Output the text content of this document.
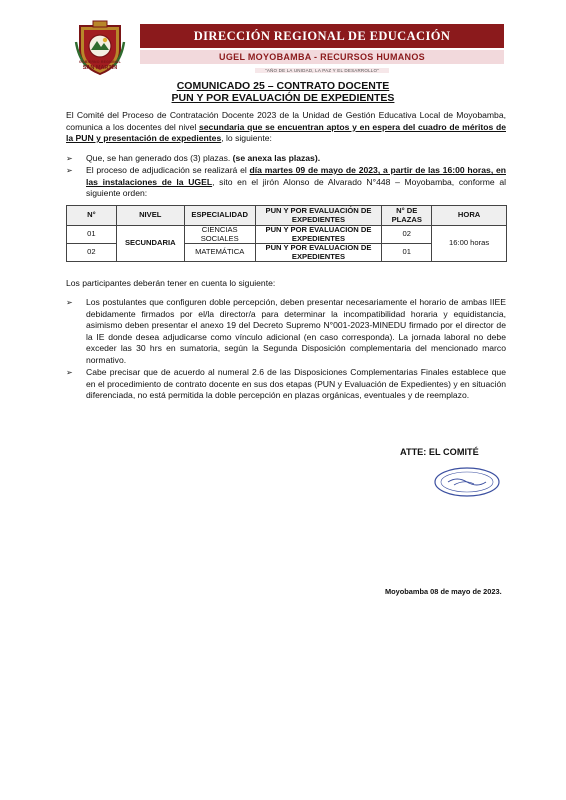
GOBIERNO REGIONAL
SAN MARTÍN
DIRECCIÓN REGIONAL DE EDUCACIÓN
UGEL MOYOBAMBA - RECURSOS HUMANOS
"AÑO DE LA UNIDAD, LA PAZ Y EL DESARROLLO"
COMUNICADO 25 – CONTRATO DOCENTE
PUN Y POR EVALUACIÓN DE EXPEDIENTES
El Comité del Proceso de Contratación Docente 2023 de la Unidad de Gestión Educativa Local de Moyobamba, comunica a los docentes del nivel secundaria que se encuentran aptos y en espera del cuadro de méritos de la PUN y presentación de expedientes, lo siguiente:
➢	Que, se han generado dos (3) plazas. (se anexa las plazas).
➢	El proceso de adjudicación se realizará el día martes 09 de mayo de 2023, a partir de las 16:00 horas, en las instalaciones de la UGEL, sito en el jirón Alonso de Alvarado N°448 – Moyobamba, conforme al siguiente orden:
N°	NIVEL	ESPECIALIDAD	PUN Y POR EVALUACIÓN DE EXPEDIENTES	N° DE PLAZAS	HORA
01	SECUNDARIA	CIENCIAS SOCIALES	PUN Y POR EVALUACION DE EXPEDIENTES	02	16:00 horas
02		MATEMÁTICA	PUN Y POR EVALUACION DE EXPEDIENTES	01	
Los participantes deberán tener en cuenta lo siguiente:
➢	Los postulantes que configuren doble percepción, deben presentar necesariamente el horario de ambas IIEE debidamente firmados por el/la director/a para determinar la incompatibilidad horaria y equidistancia, asimismo deben presentar el anexo 19 del Decreto Supremo N°001-2023-MINEDU firmado por el director de la IE donde desea adjudicarse como vínculo adicional (en caso corresponda). La jornada laboral no debe exceder las 30 hrs en sumatoria, según la Segunda Disposición complementaria del mencionado marco normativo.
➢	Cabe precisar que de acuerdo al numeral 2.6 de las Disposiciones Complementarias Finales establece que en el procedimiento de contrato docente en sus dos etapas (PUN y Evaluación de Expedientes) y en situación diferenciada, no está permitida la doble percepción en plazas orgánicas, eventuales y de reemplazo.
ATTE: EL COMITÉ
Moyobamba 08 de mayo de 2023.
